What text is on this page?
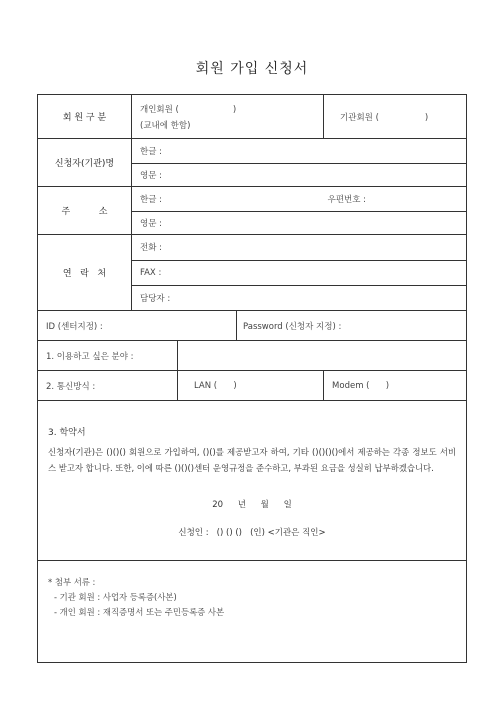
회원 가입 신청서
회 원 구 분	
개인회원 (                    )
(교내에 한함)
	기관회원 (                 )
신청자(기관)명	
한글 :
영문 :

주          소	
한글 :	우편번호 :

영문 :

연   락   처	
전화 :
FAX :
담당자 :

ID (센터지정) :	Password (신청자 지정) :
1. 이용하고 싶은 분야 :	
2. 통신방식 :	LAN (      )	Modem (      )

3. 학약서
신청자(기관)은 ()()() 회원으로 가입하여, ()()를 제공받고자 하여, 기타 ()()()()에서 제공하는 각종 정보도 서비스 받고자 합니다. 또한, 이에 따른 ()()()센터 운영규정을 준수하고, 부과된 요금을 성실히 납부하겠습니다.
20 년 월 일
신청인 :   () () ()   (인) <기관은 직인>

* 첨부 서류 :
- 기관 회원 : 사업자 등록증(사본)
- 개인 회원 : 재직증명서 또는 주민등록증 사본
